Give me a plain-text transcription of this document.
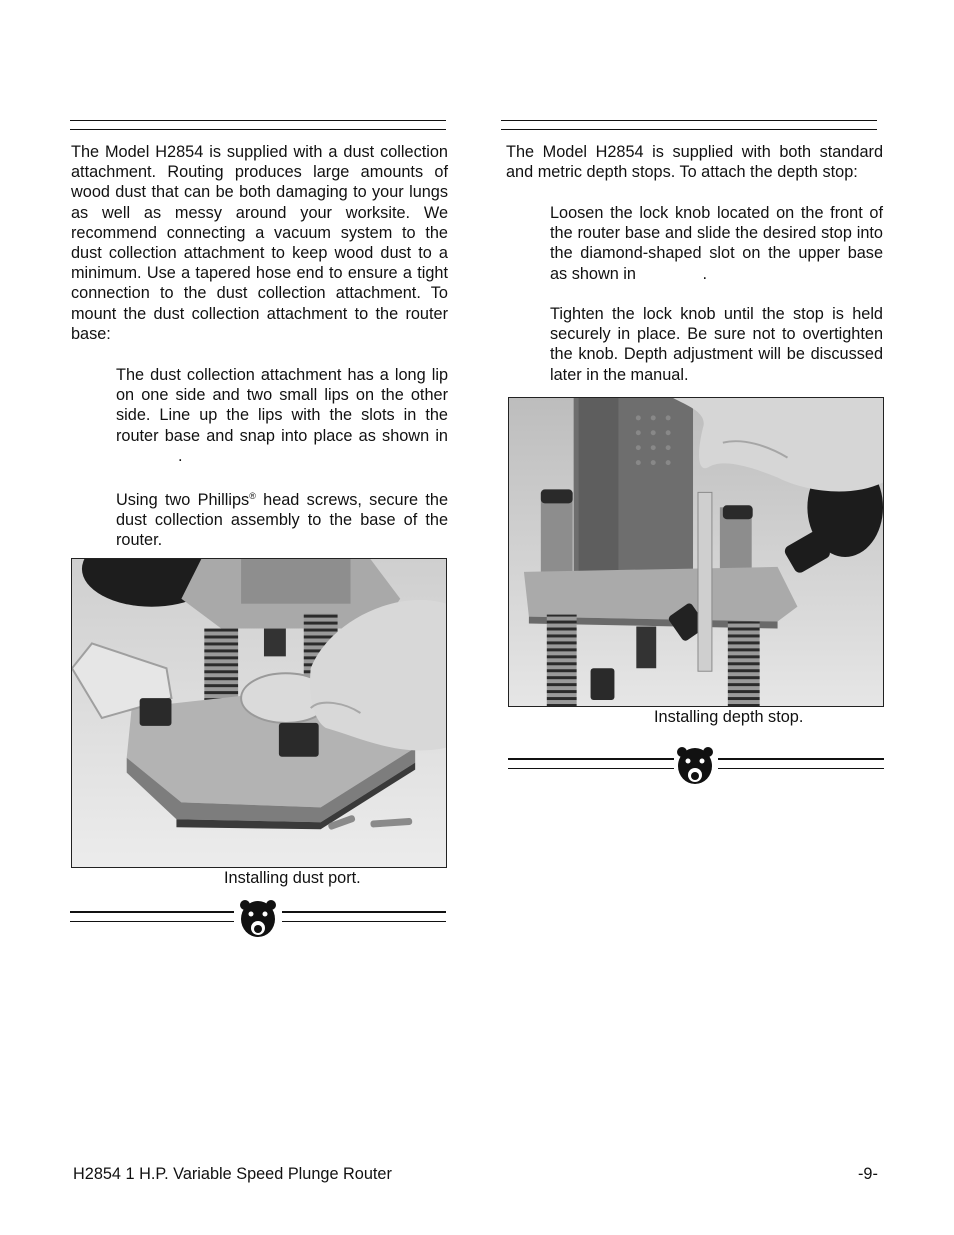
The Model H2854 is supplied with a dust collection attachment. Routing produces large amounts of wood dust that can be both damaging to your lungs as well as messy around your worksite. We recommend connecting a vacuum system to the dust collection attachment to keep wood dust to a minimum. Use a tapered hose end to ensure a tight connection to the dust collection attachment. To mount the dust collection attachment to the router base:

The dust collection attachment has a long lip on one side and two small lips on the other side. Line up the lips with the slots in the router base and snap into place as shown in .

Using two Phillips® head screws, secure the dust collection assembly to the base of the router.

Installing dust port.

The Model H2854 is supplied with both standard and metric depth stops. To attach the depth stop:

Loosen the lock knob located on the front of the router base and slide the desired stop into the diamond-shaped slot on the upper base as shown in	.

Tighten the lock knob until the stop is held securely in place. Be sure not to overtighten the knob. Depth adjustment will be discussed later in the manual.

Installing depth stop.

H2854 1 H.P. Variable Speed Plunge Router	-9-
